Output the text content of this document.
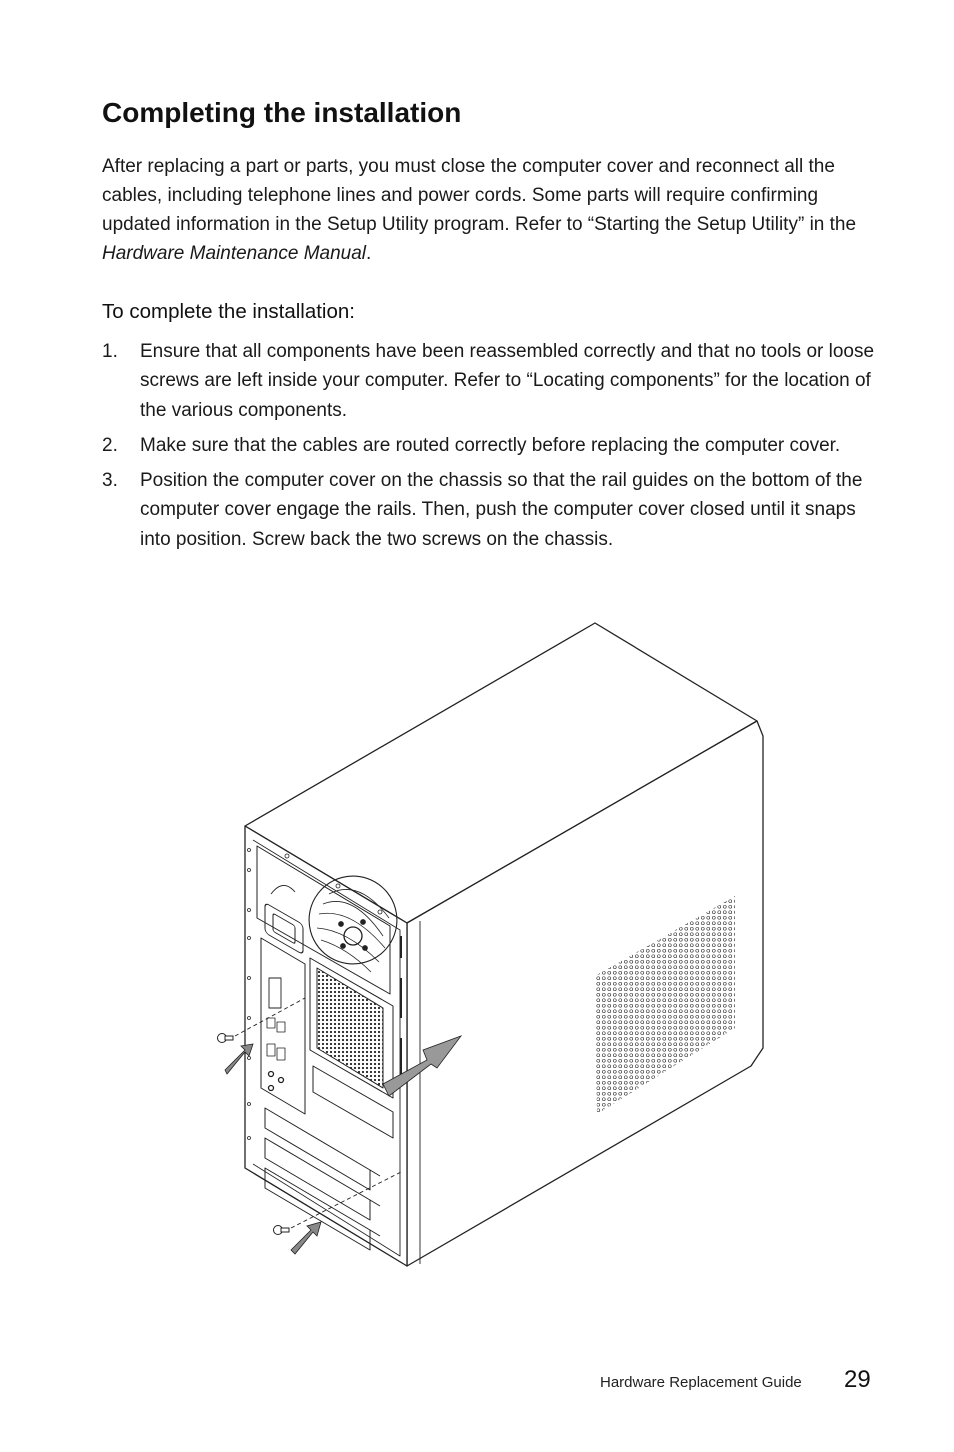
Completing the installation

After replacing a part or parts, you must close the computer cover and reconnect all the cables, including telephone lines and power cords. Some parts will require confirming updated information in the Setup Utility program. Refer to “Starting the Setup Utility” in the Hardware Maintenance Manual.

To complete the installation:
1. Ensure that all components have been reassembled correctly and that no tools or loose screws are left inside your computer. Refer to “Locating components” for the location of the various components.
2. Make sure that the cables are routed correctly before replacing the computer cover.
3. Position the computer cover on the chassis so that the rail guides on the bottom of the computer cover engage the rails. Then, push the computer cover closed until it snaps into position. Screw back the two screws on the chassis.
Hardware Replacement Guide 29
